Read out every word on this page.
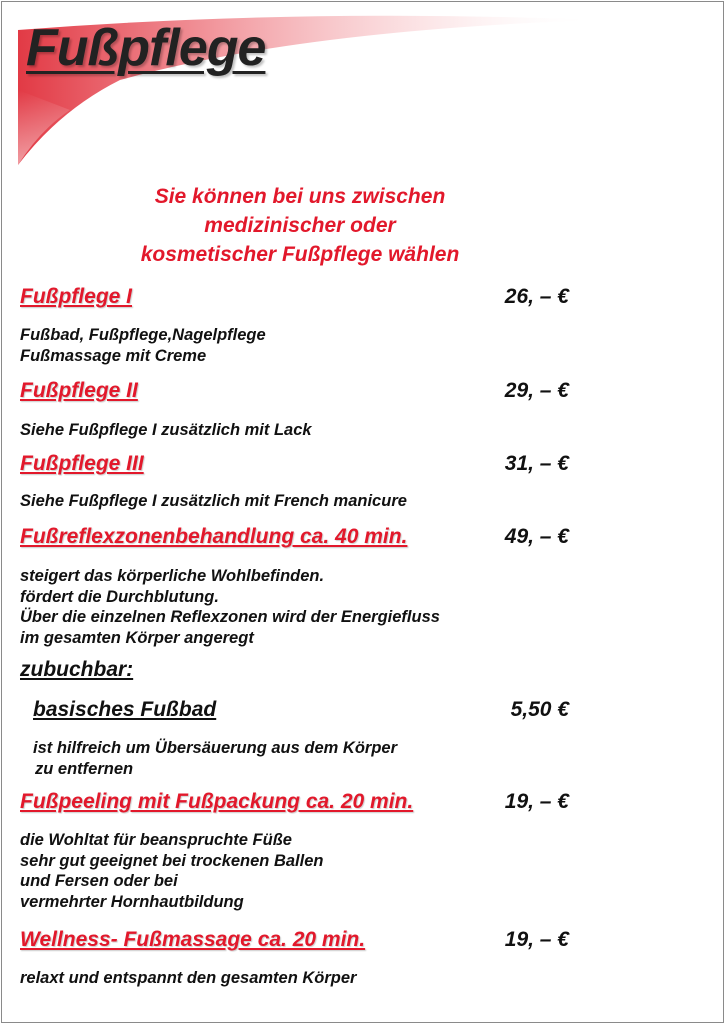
Fußpflege
Sie können bei uns zwischen
medizinischer oder
kosmetischer Fußpflege wählen
Fußpflege I	26, – €
Fußbad, Fußpflege,Nagelpflege
Fußmassage mit Creme
Fußpflege II	29, – €
Siehe Fußpflege I zusätzlich mit Lack
Fußpflege III	31, – €
Siehe Fußpflege I zusätzlich mit French manicure
Fußreflexzonenbehandlung ca. 40 min.	49, – €
steigert das körperliche Wohlbefinden.
fördert die Durchblutung.
Über die einzelnen Reflexzonen wird der Energiefluss
im gesamten Körper angeregt
zubuchbar:
basisches Fußbad	5,50 €
ist hilfreich um Übersäuerung aus dem Körper
zu entfernen
Fußpeeling mit Fußpackung ca. 20 min.	19, – €
die Wohltat für beanspruchte Füße
sehr gut geeignet bei trockenen Ballen
und Fersen oder bei
vermehrter Hornhautbildung
Wellness- Fußmassage ca. 20 min.	19, – €
relaxt und entspannt den gesamten Körper
